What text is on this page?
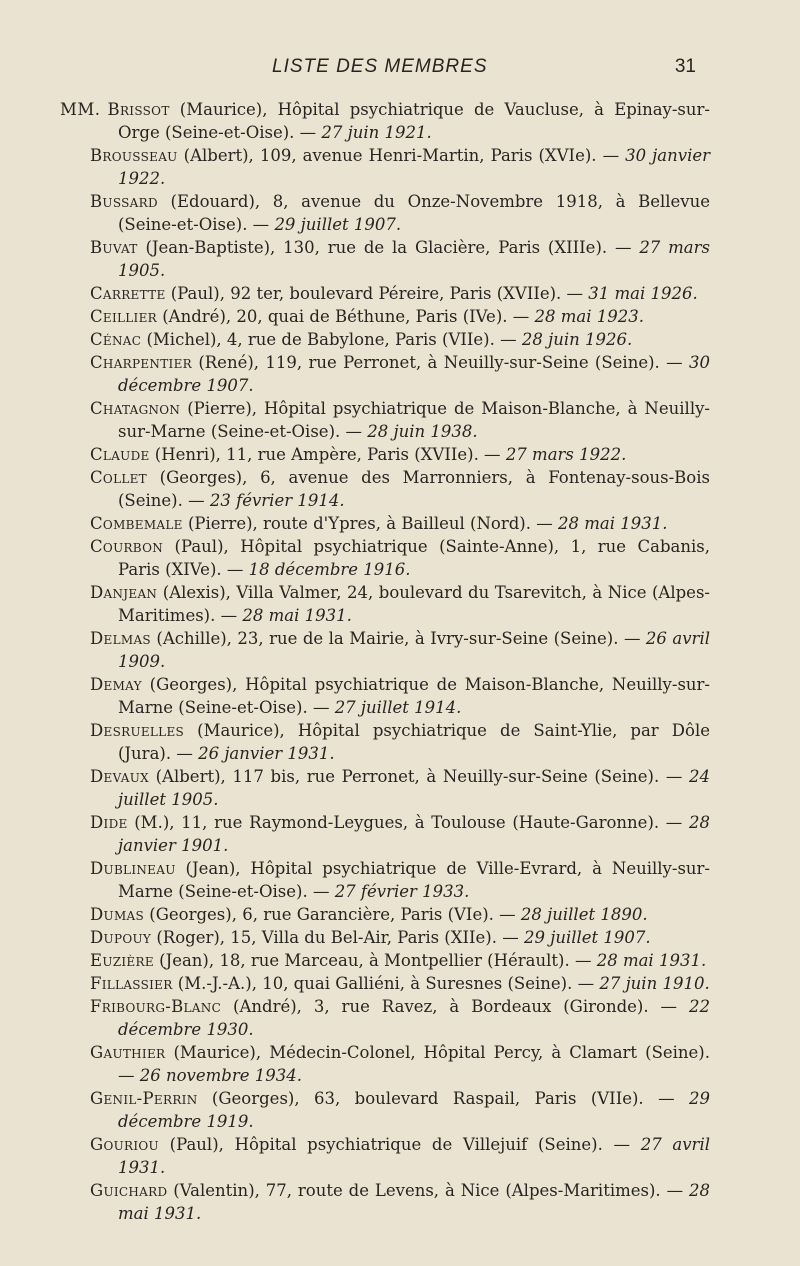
LISTE DES MEMBRES	31
MM. Brissot (Maurice), Hôpital psychiatrique de Vaucluse, à Epinay-sur-Orge (Seine-et-Oise). — 27 juin 1921.
Brousseau (Albert), 109, avenue Henri-Martin, Paris (XVIe). — 30 janvier 1922.
Bussard (Edouard), 8, avenue du Onze-Novembre 1918, à Bellevue (Seine-et-Oise). — 29 juillet 1907.
Buvat (Jean-Baptiste), 130, rue de la Glacière, Paris (XIIIe). — 27 mars 1905.
Carrette (Paul), 92 ter, boulevard Péreire, Paris (XVIIe). — 31 mai 1926.
Ceillier (André), 20, quai de Béthune, Paris (IVe). — 28 mai 1923.
Cénac (Michel), 4, rue de Babylone, Paris (VIIe). — 28 juin 1926.
Charpentier (René), 119, rue Perronet, à Neuilly-sur-Seine (Seine). — 30 décembre 1907.
Chatagnon (Pierre), Hôpital psychiatrique de Maison-Blanche, à Neuilly-sur-Marne (Seine-et-Oise). — 28 juin 1938.
Claude (Henri), 11, rue Ampère, Paris (XVIIe). — 27 mars 1922.
Collet (Georges), 6, avenue des Marronniers, à Fontenay-sous-Bois (Seine). — 23 février 1914.
Combemale (Pierre), route d'Ypres, à Bailleul (Nord). — 28 mai 1931.
Courbon (Paul), Hôpital psychiatrique (Sainte-Anne), 1, rue Cabanis, Paris (XIVe). — 18 décembre 1916.
Danjean (Alexis), Villa Valmer, 24, boulevard du Tsarevitch, à Nice (Alpes-Maritimes). — 28 mai 1931.
Delmas (Achille), 23, rue de la Mairie, à Ivry-sur-Seine (Seine). — 26 avril 1909.
Demay (Georges), Hôpital psychiatrique de Maison-Blanche, Neuilly-sur-Marne (Seine-et-Oise). — 27 juillet 1914.
Desruelles (Maurice), Hôpital psychiatrique de Saint-Ylie, par Dôle (Jura). — 26 janvier 1931.
Devaux (Albert), 117 bis, rue Perronet, à Neuilly-sur-Seine (Seine). — 24 juillet 1905.
Dide (M.), 11, rue Raymond-Leygues, à Toulouse (Haute-Garonne). — 28 janvier 1901.
Dublineau (Jean), Hôpital psychiatrique de Ville-Evrard, à Neuilly-sur-Marne (Seine-et-Oise). — 27 février 1933.
Dumas (Georges), 6, rue Garancière, Paris (VIe). — 28 juillet 1890.
Dupouy (Roger), 15, Villa du Bel-Air, Paris (XIIe). — 29 juillet 1907.
Euzière (Jean), 18, rue Marceau, à Montpellier (Hérault). — 28 mai 1931.
Fillassier (M.-J.-A.), 10, quai Galliéni, à Suresnes (Seine). — 27 juin 1910.
Fribourg-Blanc (André), 3, rue Ravez, à Bordeaux (Gironde). — 22 décembre 1930.
Gauthier (Maurice), Médecin-Colonel, Hôpital Percy, à Clamart (Seine). — 26 novembre 1934.
Genil-Perrin (Georges), 63, boulevard Raspail, Paris (VIIe). — 29 décembre 1919.
Gouriou (Paul), Hôpital psychiatrique de Villejuif (Seine). — 27 avril 1931.
Guichard (Valentin), 77, route de Levens, à Nice (Alpes-Maritimes). — 28 mai 1931.
